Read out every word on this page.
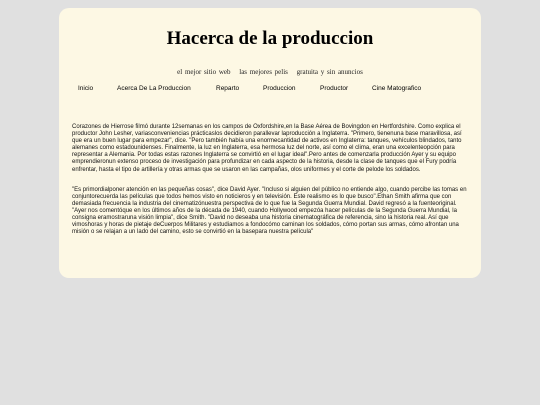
Hacerca de la produccion
el mejor sitio web las mejores pelis gratuita y sin anuncios
Inicio	Acerca De La Produccion	Reparto	Produccion	Productor	Cine Matografico

Corazones de Hierrose filmó durante 12semanas en los campos de Oxfordshire,en la Base Aérea de Bovingdon en Hertfordshire. Como explica el productor John Lesher, variasconveniencias prácticaslos decidieron parallevar laproducción a Inglaterra. "Primero, tienenuna base maravillosa, así que era un buen lugar para empezar", dice. "Pero también había una enormecantidad de activos en Inglaterra: tanques, vehículos blindados, tanto alemanes como estadounidenses. Finalmente, la luz en Inglaterra, esa hermosa luz del norte, así como el clima, eran una excelenteopción para representar a Alemania. Por todas estas razones Inglaterra se convirtió en el lugar ideal".Pero antes de comenzarla producción Ayer y su equipo emprendieronun extenso proceso de investigación para profundizar en cada aspecto de la historia, desde la clase de tanques que el Fury podría enfrentar, hasta el tipo de artillería y otras armas que se usaron en las campañas, olos uniformes y el corte de pelode los soldados.

"Es primordialponer atención en las pequeñas cosas", dice David Ayer. "Incluso si alguien del público no entiende algo, cuando percibe las tomas en conjuntorecuerda las películas que todos hemos visto en noticieros y en televisión. Este realismo es lo que busco".Ethan Smith afirma que con demasiada frecuencia la industria del cinematizónuestra perspectiva de lo que fue la Segunda Guerra Mundial. David regresó a la fuenteoriginal. "Ayer nos comentóque en los últimos años de la década de 1940, cuando Hollywood empezóa hacer películas de la Segunda Guerra Mundial, la consigna eramostraruna visión limpia", dice Smith. "David no deseaba una historia cinematográfica de referencia, sino la historia real. Así que vimoshoras y horas de pietaje deCuerpos Militares y estudiamos a fondocómo caminan los soldados, cómo portan sus armas, cómo afrontan una misión o se relajan a un lado del camino, esto se convirtió en la basepara nuestra película"
